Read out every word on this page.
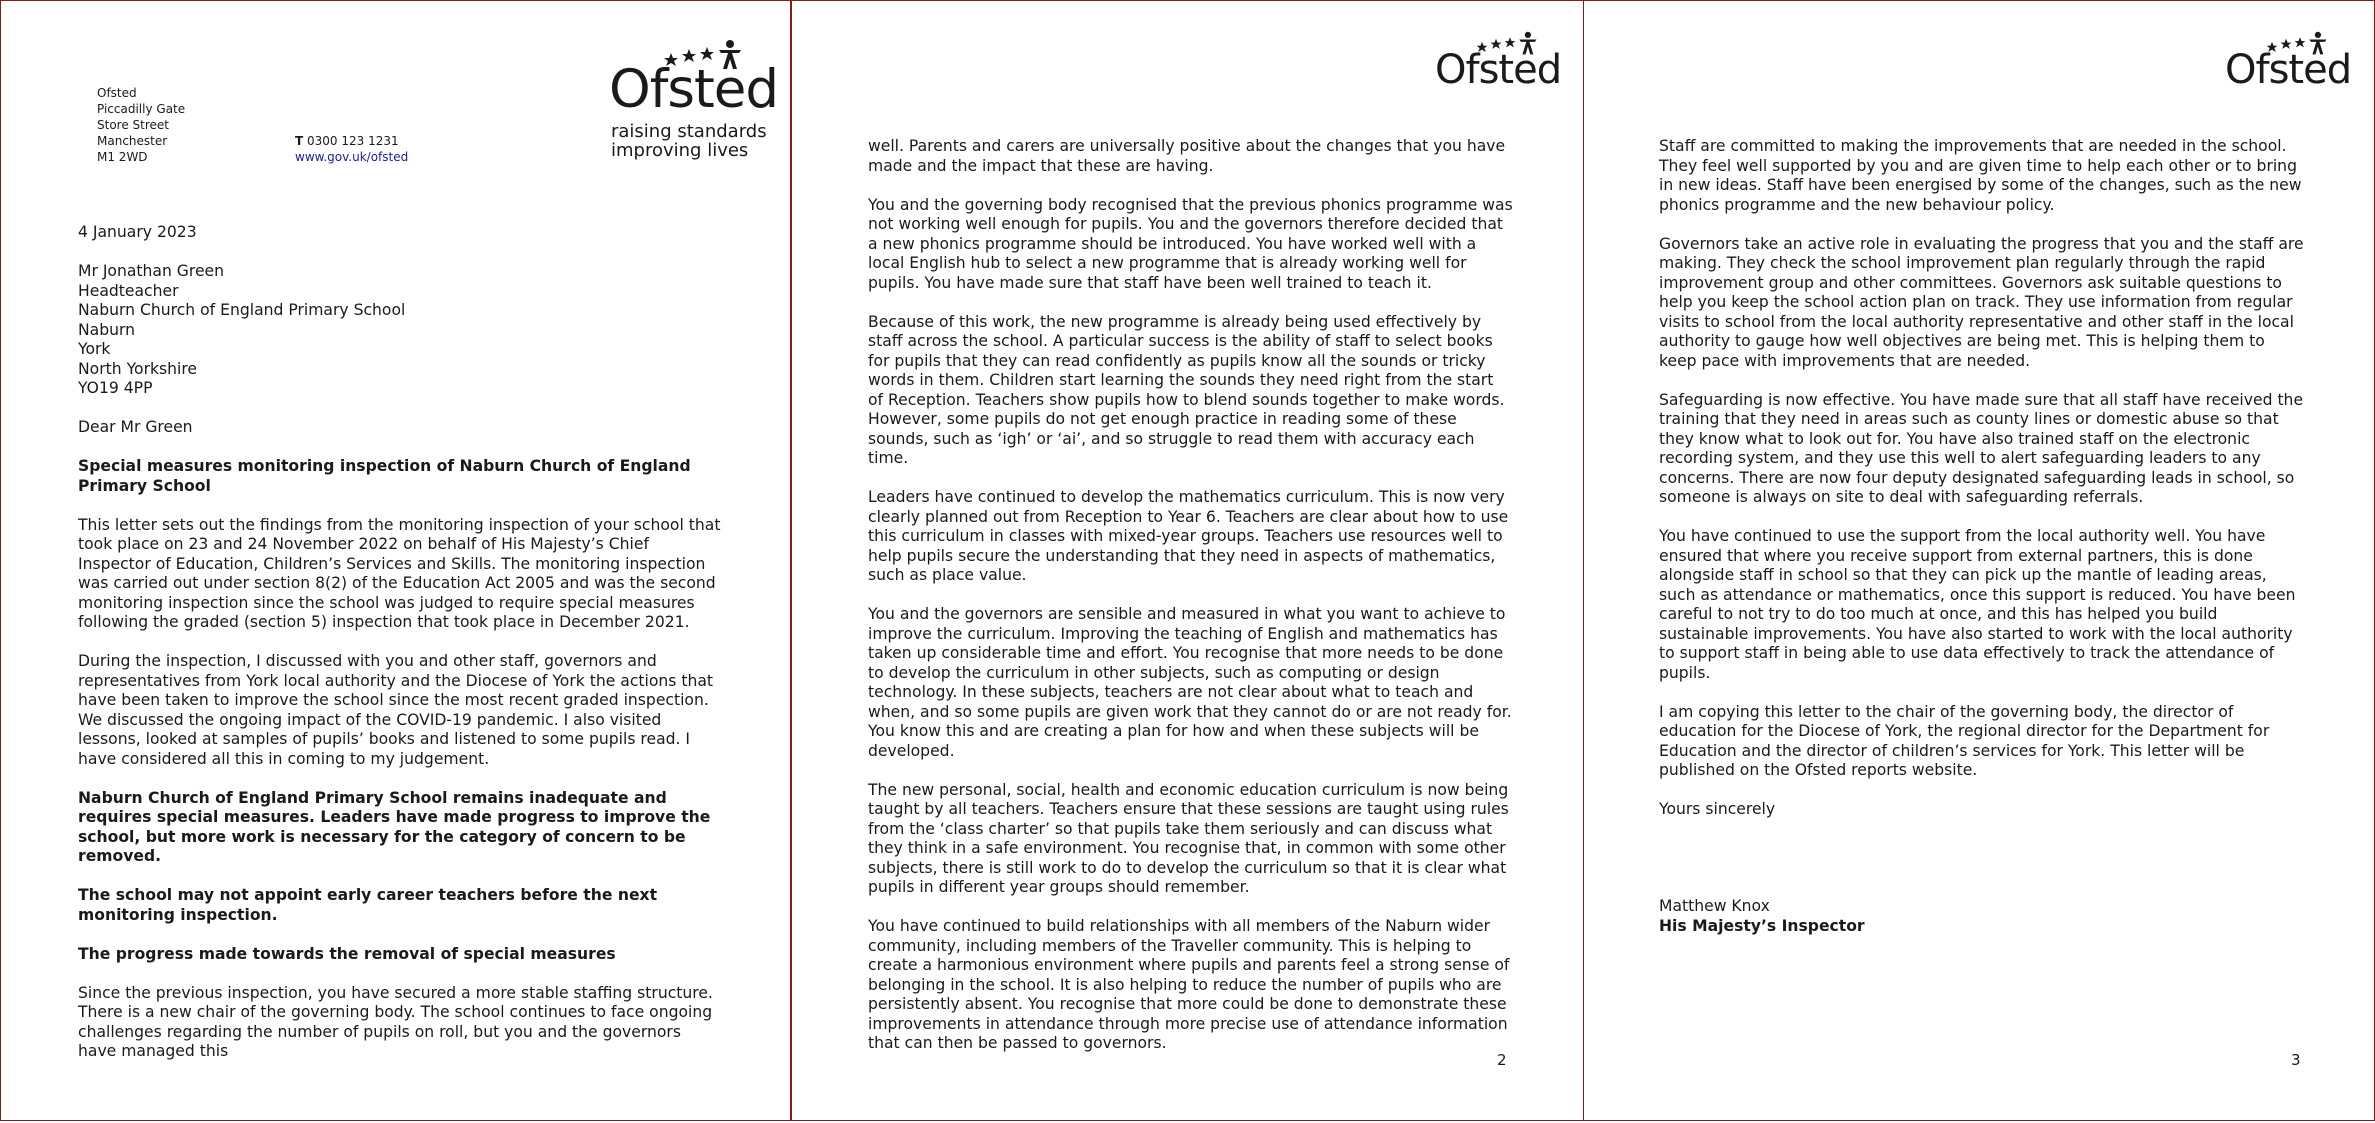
Ofsted
raising standards
improving lives
Ofsted
Piccadilly Gate
Store Street
Manchester
M1 2WD
T 0300 123 1231
www.gov.uk/ofsted

4 January 2023

Mr Jonathan Green
Headteacher
Naburn Church of England Primary School
Naburn
York
North Yorkshire
YO19 4PP

Dear Mr Green

Special measures monitoring inspection of Naburn Church of England Primary School

This letter sets out the findings from the monitoring inspection of your school that took place on 23 and 24 November 2022 on behalf of His Majesty’s Chief Inspector of Education, Children’s Services and Skills. The monitoring inspection was carried out under section 8(2) of the Education Act 2005 and was the second monitoring inspection since the school was judged to require special measures following the graded (section 5) inspection that took place in December 2021.

During the inspection, I discussed with you and other staff, governors and representatives from York local authority and the Diocese of York the actions that have been taken to improve the school since the most recent graded inspection. We discussed the ongoing impact of the COVID-19 pandemic. I also visited lessons, looked at samples of pupils’ books and listened to some pupils read. I have considered all this in coming to my judgement.

Naburn Church of England Primary School remains inadequate and requires special measures. Leaders have made progress to improve the school, but more work is necessary for the category of concern to be removed.

The school may not appoint early career teachers before the next monitoring inspection.

The progress made towards the removal of special measures

Since the previous inspection, you have secured a more stable staffing structure. There is a new chair of the governing body. The school continues to face ongoing challenges regarding the number of pupils on roll, but you and the governors have managed this

Ofsted

well. Parents and carers are universally positive about the changes that you have made and the impact that these are having.

You and the governing body recognised that the previous phonics programme was not working well enough for pupils. You and the governors therefore decided that a new phonics programme should be introduced. You have worked well with a local English hub to select a new programme that is already working well for pupils. You have made sure that staff have been well trained to teach it.

Because of this work, the new programme is already being used effectively by staff across the school. A particular success is the ability of staff to select books for pupils that they can read confidently as pupils know all the sounds or tricky words in them. Children start learning the sounds they need right from the start of Reception. Teachers show pupils how to blend sounds together to make words. However, some pupils do not get enough practice in reading some of these sounds, such as ‘igh’ or ‘ai’, and so struggle to read them with accuracy each time.

Leaders have continued to develop the mathematics curriculum. This is now very clearly planned out from Reception to Year 6. Teachers are clear about how to use this curriculum in classes with mixed-year groups. Teachers use resources well to help pupils secure the understanding that they need in aspects of mathematics, such as place value.

You and the governors are sensible and measured in what you want to achieve to improve the curriculum. Improving the teaching of English and mathematics has taken up considerable time and effort. You recognise that more needs to be done to develop the curriculum in other subjects, such as computing or design technology. In these subjects, teachers are not clear about what to teach and when, and so some pupils are given work that they cannot do or are not ready for. You know this and are creating a plan for how and when these subjects will be developed.

The new personal, social, health and economic education curriculum is now being taught by all teachers. Teachers ensure that these sessions are taught using rules from the ‘class charter’ so that pupils take them seriously and can discuss what they think in a safe environment. You recognise that, in common with some other subjects, there is still work to do to develop the curriculum so that it is clear what pupils in different year groups should remember.

You have continued to build relationships with all members of the Naburn wider community, including members of the Traveller community. This is helping to create a harmonious environment where pupils and parents feel a strong sense of belonging in the school. It is also helping to reduce the number of pupils who are persistently absent. You recognise that more could be done to demonstrate these improvements in attendance through more precise use of attendance information that can then be passed to governors.

2
Ofsted

Staff are committed to making the improvements that are needed in the school. They feel well supported by you and are given time to help each other or to bring in new ideas. Staff have been energised by some of the changes, such as the new phonics programme and the new behaviour policy.

Governors take an active role in evaluating the progress that you and the staff are making. They check the school improvement plan regularly through the rapid improvement group and other committees. Governors ask suitable questions to help you keep the school action plan on track. They use information from regular visits to school from the local authority representative and other staff in the local authority to gauge how well objectives are being met. This is helping them to keep pace with improvements that are needed.

Safeguarding is now effective. You have made sure that all staff have received the training that they need in areas such as county lines or domestic abuse so that they know what to look out for. You have also trained staff on the electronic recording system, and they use this well to alert safeguarding leaders to any concerns. There are now four deputy designated safeguarding leads in school, so someone is always on site to deal with safeguarding referrals.

You have continued to use the support from the local authority well. You have ensured that where you receive support from external partners, this is done alongside staff in school so that they can pick up the mantle of leading areas, such as attendance or mathematics, once this support is reduced. You have been careful to not try to do too much at once, and this has helped you build sustainable improvements. You have also started to work with the local authority to support staff in being able to use data effectively to track the attendance of pupils.

I am copying this letter to the chair of the governing body, the director of education for the Diocese of York, the regional director for the Department for Education and the director of children’s services for York. This letter will be published on the Ofsted reports website.

Yours sincerely

Matthew Knox
His Majesty’s Inspector
3
